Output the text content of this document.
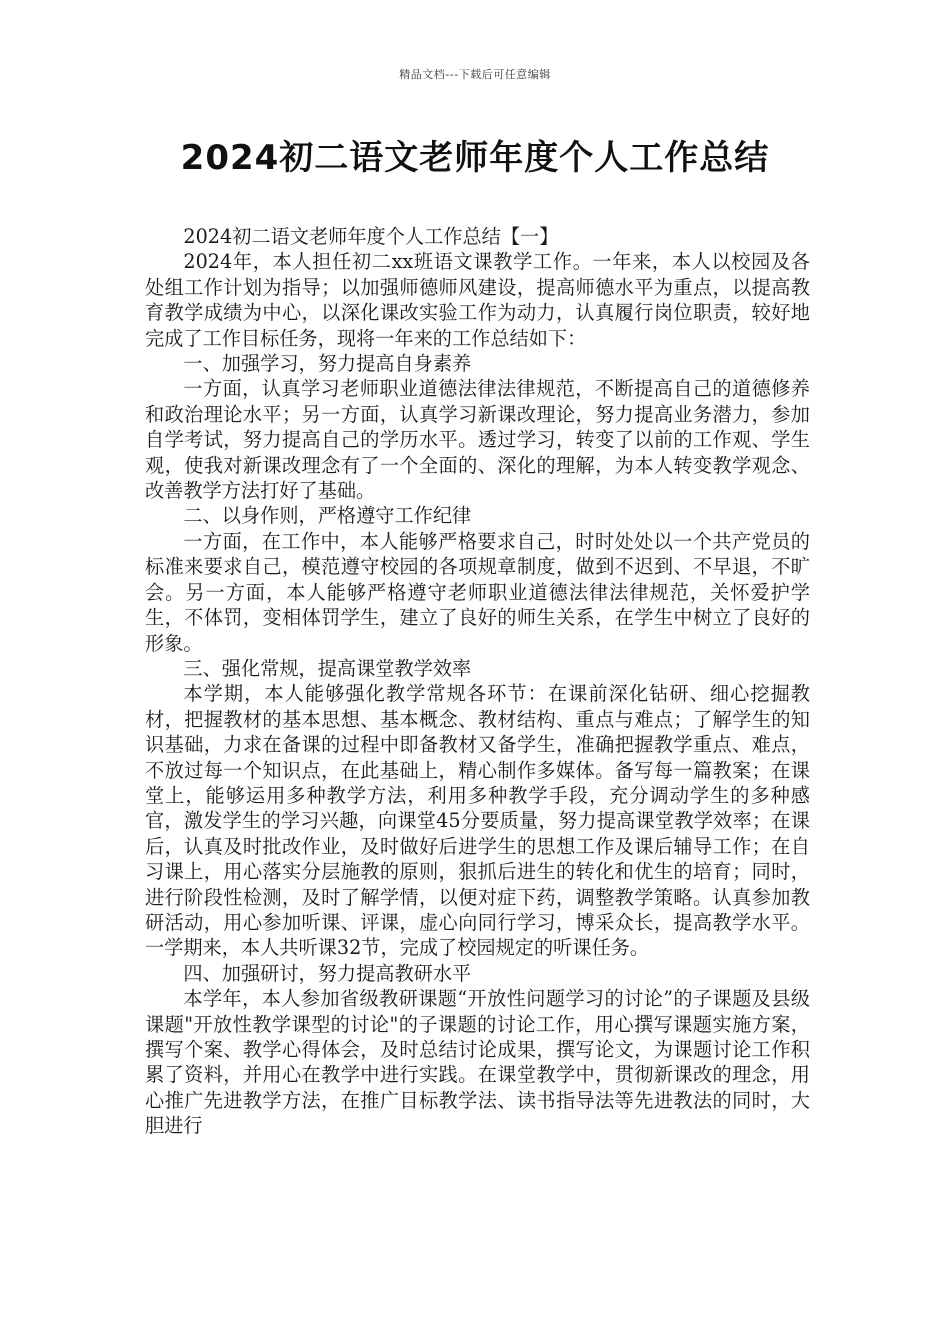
精品文档---下载后可任意编辑
2024初二语文老师年度个人工作总结

2024初二语文老师年度个人工作总结【一】

2024年，本人担任初二xx班语文课教学工作。一年来，本人以校园及各处组工作计划为指导；以加强师德师风建设，提高师德水平为重点，以提高教育教学成绩为中心，以深化课改实验工作为动力，认真履行岗位职责，较好地完成了工作目标任务，现将一年来的工作总结如下：

一、加强学习，努力提高自身素养

一方面，认真学习老师职业道德法律法律规范，不断提高自己的道德修养和政治理论水平；另一方面，认真学习新课改理论，努力提高业务潜力，参加自学考试，努力提高自己的学历水平。透过学习，转变了以前的工作观、学生观，使我对新课改理念有了一个全面的、深化的理解，为本人转变教学观念、改善教学方法打好了基础。

二、以身作则，严格遵守工作纪律

一方面，在工作中，本人能够严格要求自己，时时处处以一个共产党员的标准来要求自己，模范遵守校园的各项规章制度，做到不迟到、不早退，不旷会。另一方面，本人能够严格遵守老师职业道德法律法律规范，关怀爱护学生，不体罚，变相体罚学生，建立了良好的师生关系，在学生中树立了良好的形象。

三、强化常规，提高课堂教学效率

本学期，本人能够强化教学常规各环节：在课前深化钻研、细心挖掘教材，把握教材的基本思想、基本概念、教材结构、重点与难点；了解学生的知识基础，力求在备课的过程中即备教材又备学生，准确把握教学重点、难点，不放过每一个知识点，在此基础上，精心制作多媒体。备写每一篇教案；在课堂上，能够运用多种教学方法，利用多种教学手段，充分调动学生的多种感官，激发学生的学习兴趣，向课堂45分要质量，努力提高课堂教学效率；在课后，认真及时批改作业，及时做好后进学生的思想工作及课后辅导工作；在自习课上，用心落实分层施教的原则，狠抓后进生的转化和优生的培育；同时，进行阶段性检测，及时了解学情，以便对症下药，调整教学策略。认真参加教研活动，用心参加听课、评课，虚心向同行学习，博采众长，提高教学水平。一学期来，本人共听课32节，完成了校园规定的听课任务。

四、加强研讨，努力提高教研水平

本学年，本人参加省级教研课题“开放性问题学习的讨论”的子课题及县级课题"开放性教学课型的讨论"的子课题的讨论工作，用心撰写课题实施方案，撰写个案、教学心得体会，及时总结讨论成果，撰写论文，为课题讨论工作积累了资料，并用心在教学中进行实践。在课堂教学中，贯彻新课改的理念，用心推广先进教学方法，在推广目标教学法、读书指导法等先进教法的同时，大胆进行
